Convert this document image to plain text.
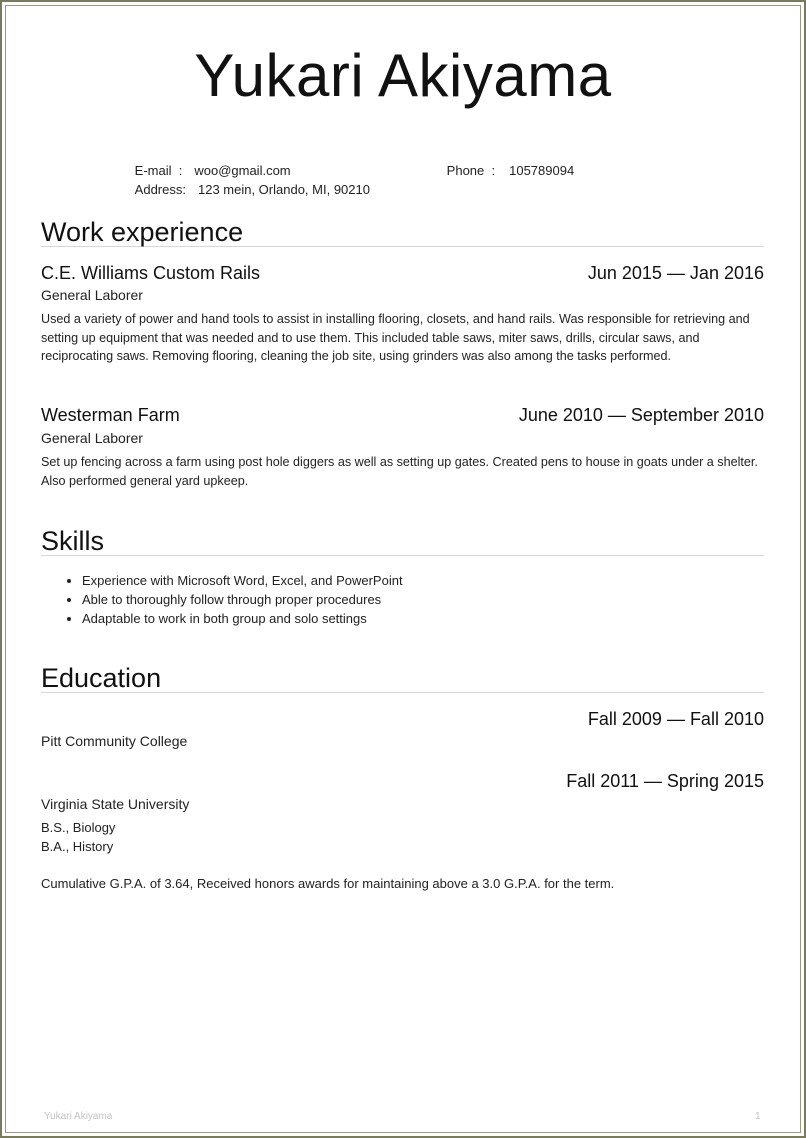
Yukari Akiyama

E-mail  : woo@gmail.com
	Phone  : 105789094

Address: 123 mein, Orlando, MI, 90210

Work experience
C.E. Williams Custom Rails	Jun 2015 — Jan 2016
General Laborer
Used a variety of power and hand tools to assist in installing flooring, closets, and hand rails. Was responsible for retrieving and setting up equipment that was needed and to use them. This included table saws, miter saws, drills, circular saws, and reciprocating saws. Removing flooring, cleaning the job site, using grinders was also among the tasks performed.
Westerman Farm	June 2010 — September 2010
General Laborer
Set up fencing across a farm using post hole diggers as well as setting up gates. Created pens to house in goats under a shelter. Also performed general yard upkeep.
Skills
• Experience with Microsoft Word, Excel, and PowerPoint
• Able to thoroughly follow through proper procedures
• Adaptable to work in both group and solo settings
Education
Fall 2009 — Fall 2010
Pitt Community College
Fall 2011 — Spring 2015
Virginia State University
B.S., Biology
B.A., History
Cumulative G.P.A. of 3.64, Received honors awards for maintaining above a 3.0 G.P.A. for the term.
Yukari Akiyama	1
